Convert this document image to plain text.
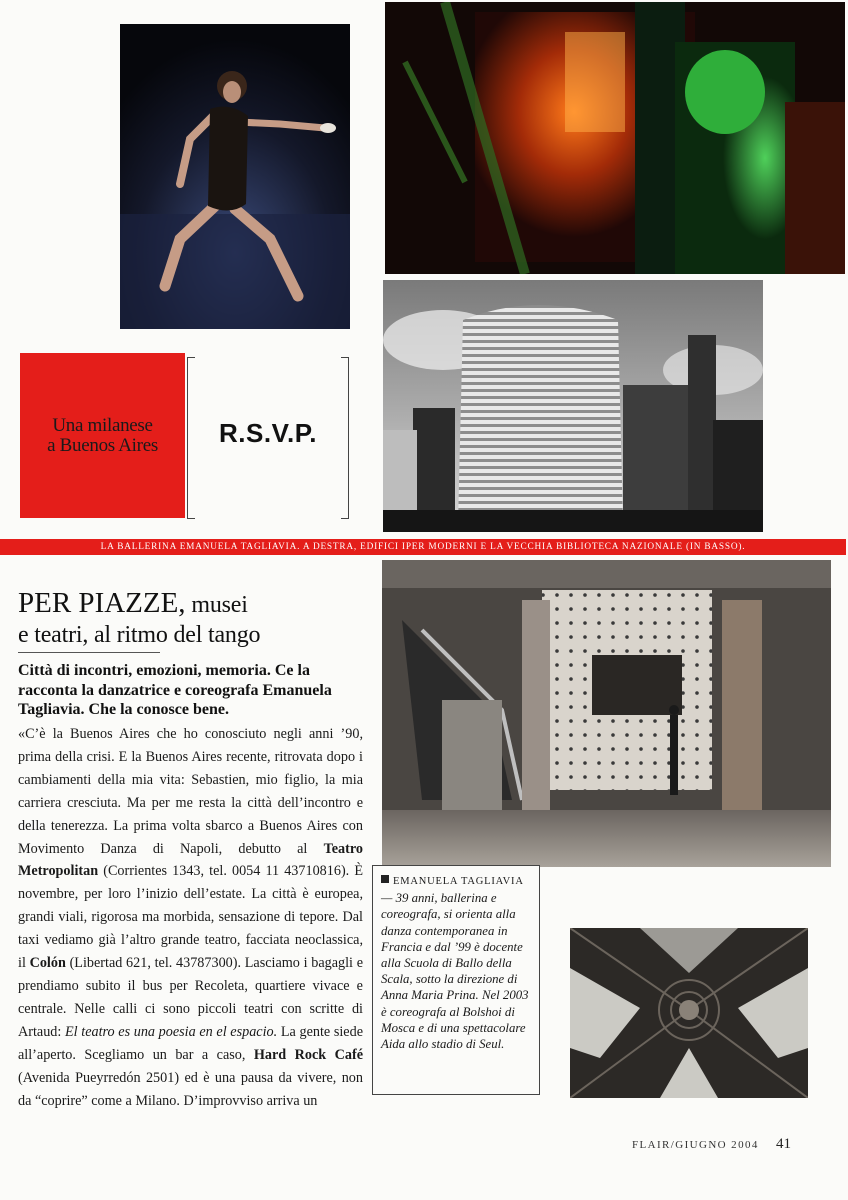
Una milanese
a Buenos Aires	R.S.V.P.
LA BALLERINA EMANUELA TAGLIAVIA. A DESTRA, EDIFICI IPER MODERNI E LA VECCHIA BIBLIOTECA NAZIONALE (IN BASSO).
PER PIAZZE, musei
e teatri, al ritmo del tango
Città di incontri, emozioni, memoria. Ce la racconta la danzatrice e coreografa Emanuela Tagliavia. Che la conosce bene.

«C’è la Buenos Aires che ho conosciuto negli anni ’90, prima della crisi. E la Buenos Aires recente, ritrovata dopo i cambiamenti della mia vita: Sebastien, mio figlio, la mia carriera cresciuta. Ma per me resta la città dell’incontro e della tenerezza. La prima volta sbarco a Buenos Aires con Movimento Danza di Napoli, debutto al Teatro Metropolitan (Corrientes 1343, tel. 0054 11 43710816). È novembre, per loro l’inizio dell’estate. La città è europea, grandi viali, rigorosa ma morbida, sensazione di tepore. Dal taxi vediamo già l’altro grande teatro, facciata neoclassica, il Colón (Libertad 621, tel. 43787300). Lasciamo i bagagli e prendiamo subito il bus per Recoleta, quartiere vivace e centrale. Nelle calli ci sono piccoli teatri con scritte di Artaud: El teatro es una poesia en el espacio. La gente siede all’aperto. Scegliamo un bar a caso, Hard Rock Café (Avenida Pueyrredón 2501) ed è una pausa da vivere, non da “coprire” come a Milano. D’improvviso arriva un

EMANUELA TAGLIAVIA— 39 anni, ballerina e coreografa, si orienta alla danza contemporanea in Francia e dal ’99 è docente alla Scuola di Ballo della Scala, sotto la direzione di Anna Maria Prina. Nel 2003 è coreografa al Bolshoi di Mosca e di una spettacolare Aida allo stadio di Seul.
FLAIR/GIUGNO 2004 41
